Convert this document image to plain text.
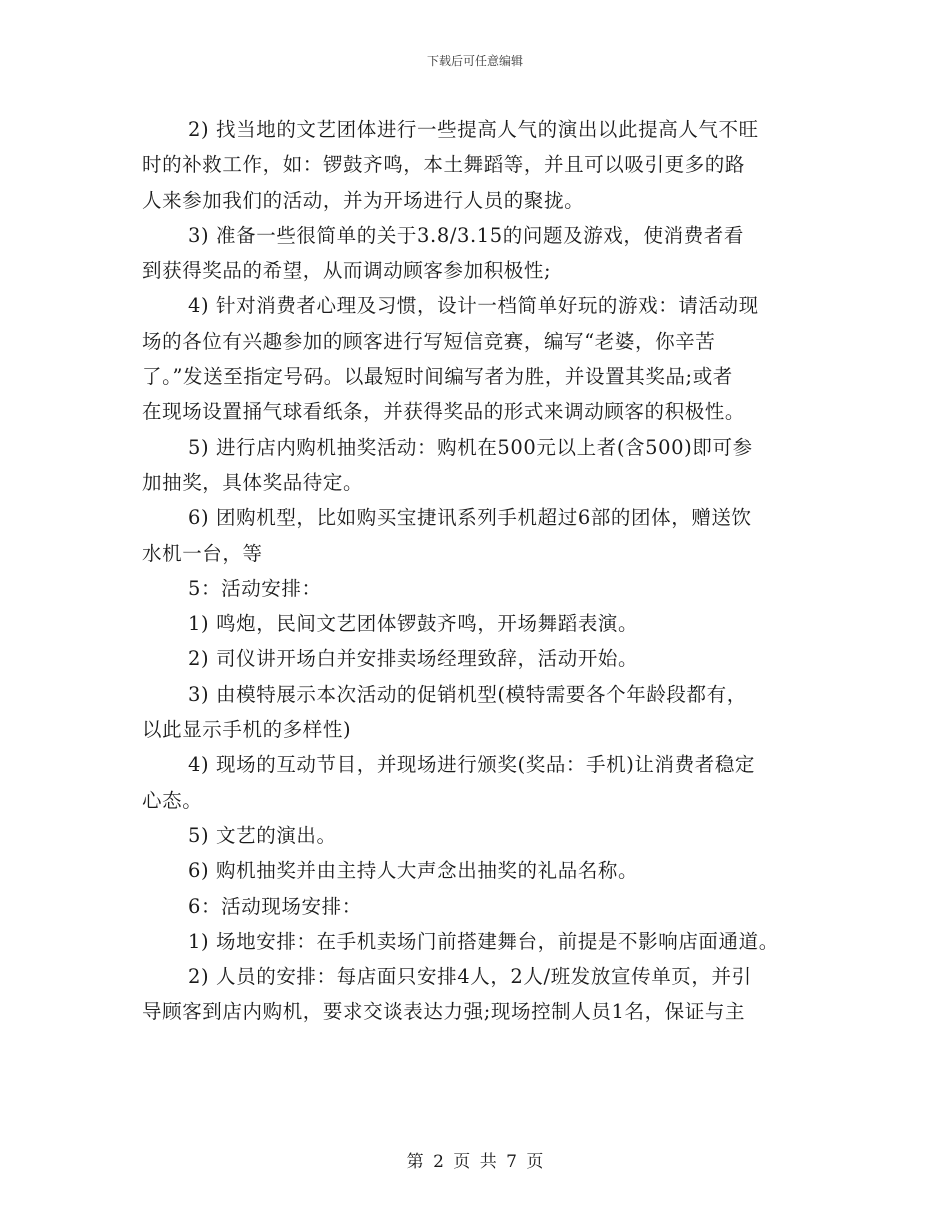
下载后可任意编辑
2) 找当地的文艺团体进行一些提高人气的演出以此提高人气不旺
时的补救工作，如：锣鼓齐鸣，本土舞蹈等，并且可以吸引更多的路
人来参加我们的活动，并为开场进行人员的聚拢。
3) 准备一些很简单的关于3.8/3.15的问题及游戏，使消费者看
到获得奖品的希望，从而调动顾客参加积极性;
4) 针对消费者心理及习惯，设计一档简单好玩的游戏：请活动现
场的各位有兴趣参加的顾客进行写短信竞赛，编写“老婆，你辛苦
了。”发送至指定号码。以最短时间编写者为胜，并设置其奖品;或者
在现场设置捅气球看纸条，并获得奖品的形式来调动顾客的积极性。
5) 进行店内购机抽奖活动：购机在500元以上者(含500)即可参
加抽奖，具体奖品待定。
6) 团购机型，比如购买宝捷讯系列手机超过6部的团体，赠送饮
水机一台，等
5：活动安排：
1) 鸣炮，民间文艺团体锣鼓齐鸣，开场舞蹈表演。
2) 司仪讲开场白并安排卖场经理致辞，活动开始。
3) 由模特展示本次活动的促销机型(模特需要各个年龄段都有，
以此显示手机的多样性)
4) 现场的互动节目，并现场进行颁奖(奖品：手机)让消费者稳定
心态。
5) 文艺的演出。
6) 购机抽奖并由主持人大声念出抽奖的礼品名称。
6：活动现场安排：
1) 场地安排：在手机卖场门前搭建舞台，前提是不影响店面通道。
2) 人员的安排：每店面只安排4人，2人/班发放宣传单页，并引
导顾客到店内购机，要求交谈表达力强;现场控制人员1名，保证与主
第 2 页 共 7 页
